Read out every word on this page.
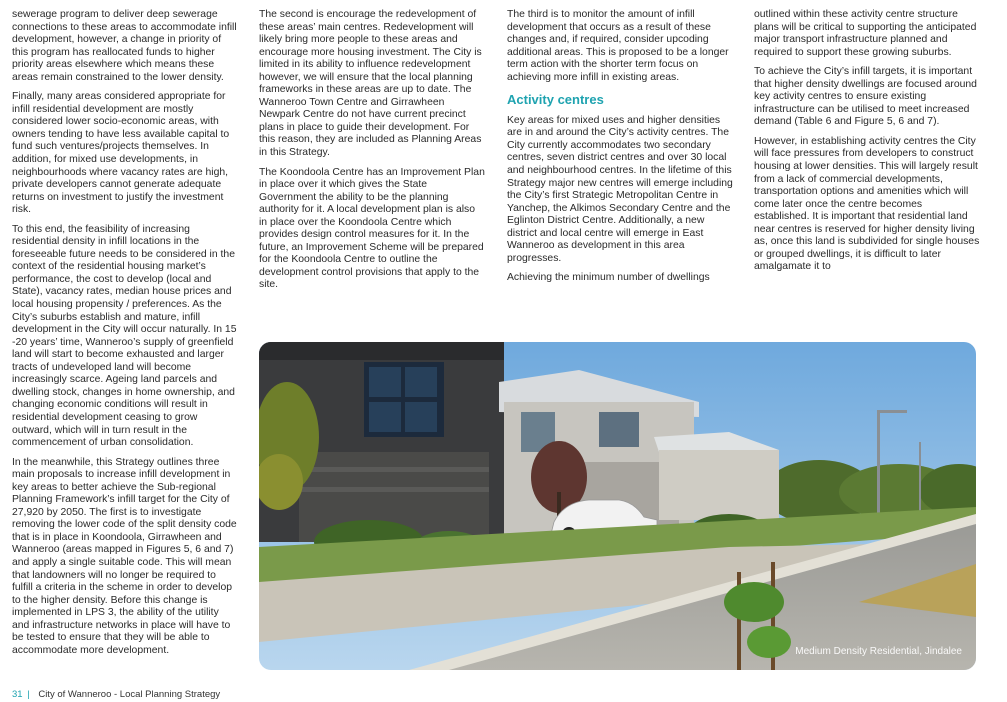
sewerage program to deliver deep sewerage connections to these areas to accommodate infill development, however, a change in priority of this program has reallocated funds to higher priority areas elsewhere which means these areas remain constrained to the lower density.

Finally, many areas considered appropriate for infill residential development are mostly considered lower socio-economic areas, with owners tending to have less available capital to fund such ventures/projects themselves. In addition, for mixed use developments, in neighbourhoods where vacancy rates are high, private developers cannot generate adequate returns on investment to justify the investment risk.

To this end, the feasibility of increasing residential density in infill locations in the foreseeable future needs to be considered in the context of the residential housing market’s performance, the cost to develop (local and State), vacancy rates, median house prices and local housing propensity / preferences. As the City’s suburbs establish and mature, infill development in the City will occur naturally. In 15 -20 years’ time, Wanneroo’s supply of greenfield land will start to become exhausted and larger tracts of undeveloped land will become increasingly scarce. Ageing land parcels and dwelling stock, changes in home ownership, and changing economic conditions will result in residential development ceasing to grow outward, which will in turn result in the commencement of urban consolidation.

In the meanwhile, this Strategy outlines three main proposals to increase infill development in key areas to better achieve the Sub-regional Planning Framework’s infill target for the City of 27,920 by 2050. The first is to investigate removing the lower code of the split density code that is in place in Koondoola, Girrawheen and Wanneroo (areas mapped in Figures 5, 6 and 7) and apply a single suitable code. This will mean that landowners will no longer be required to fulfill a criteria in the scheme in order to develop to the higher density. Before this change is implemented in LPS 3, the ability of the utility and infrastructure networks in place will have to be tested to ensure that they will be able to accommodate more development.

The second is encourage the redevelopment of these areas’ main centres. Redevelopment will likely bring more people to these areas and encourage more housing investment. The City is limited in its ability to influence redevelopment however, we will ensure that the local planning frameworks in these areas are up to date. The Wanneroo Town Centre and Girrawheen Newpark Centre do not have current precinct plans in place to guide their development. For this reason, they are included as Planning Areas in this Strategy.

The Koondoola Centre has an Improvement Plan in place over it which gives the State Government the ability to be the planning authority for it. A local development plan is also in place over the Koondoola Centre which provides design control measures for it. In the future, an Improvement Scheme will be prepared for the Koondoola Centre to outline the development control provisions that apply to the site.

The third is to monitor the amount of infill development that occurs as a result of these changes and, if required, consider upcoding additional areas. This is proposed to be a longer term action with the shorter term focus on achieving more infill in existing areas.

Activity centres

Key areas for mixed uses and higher densities are in and around the City’s activity centres. The City currently accommodates two secondary centres, seven district centres and over 30 local and neighbourhood centres. In the lifetime of this Strategy major new centres will emerge including the City’s first Strategic Metropolitan Centre in Yanchep, the Alkimos Secondary Centre and the Eglinton District Centre. Additionally, a new district and local centre will emerge in East Wanneroo as development in this area progresses.

Achieving the minimum number of dwellings

outlined within these activity centre structure plans will be critical to supporting the anticipated major transport infrastructure planned and required to support these growing suburbs.

To achieve the City’s infill targets, it is important that higher density dwellings are focused around key activity centres to ensure existing infrastructure can be utilised to meet increased demand (Table 6 and Figure 5, 6 and 7).

However, in establishing activity centres the City will face pressures from developers to construct housing at lower densities. This will largely result from a lack of commercial developments, transportation options and amenities which will come later once the centre becomes established. It is important that residential land near centres is reserved for higher density living as, once this land is subdivided for single houses or grouped dwellings, it is difficult to later amalgamate it to

Medium Density Residential, Jindalee
31 | City of Wanneroo - Local Planning Strategy
